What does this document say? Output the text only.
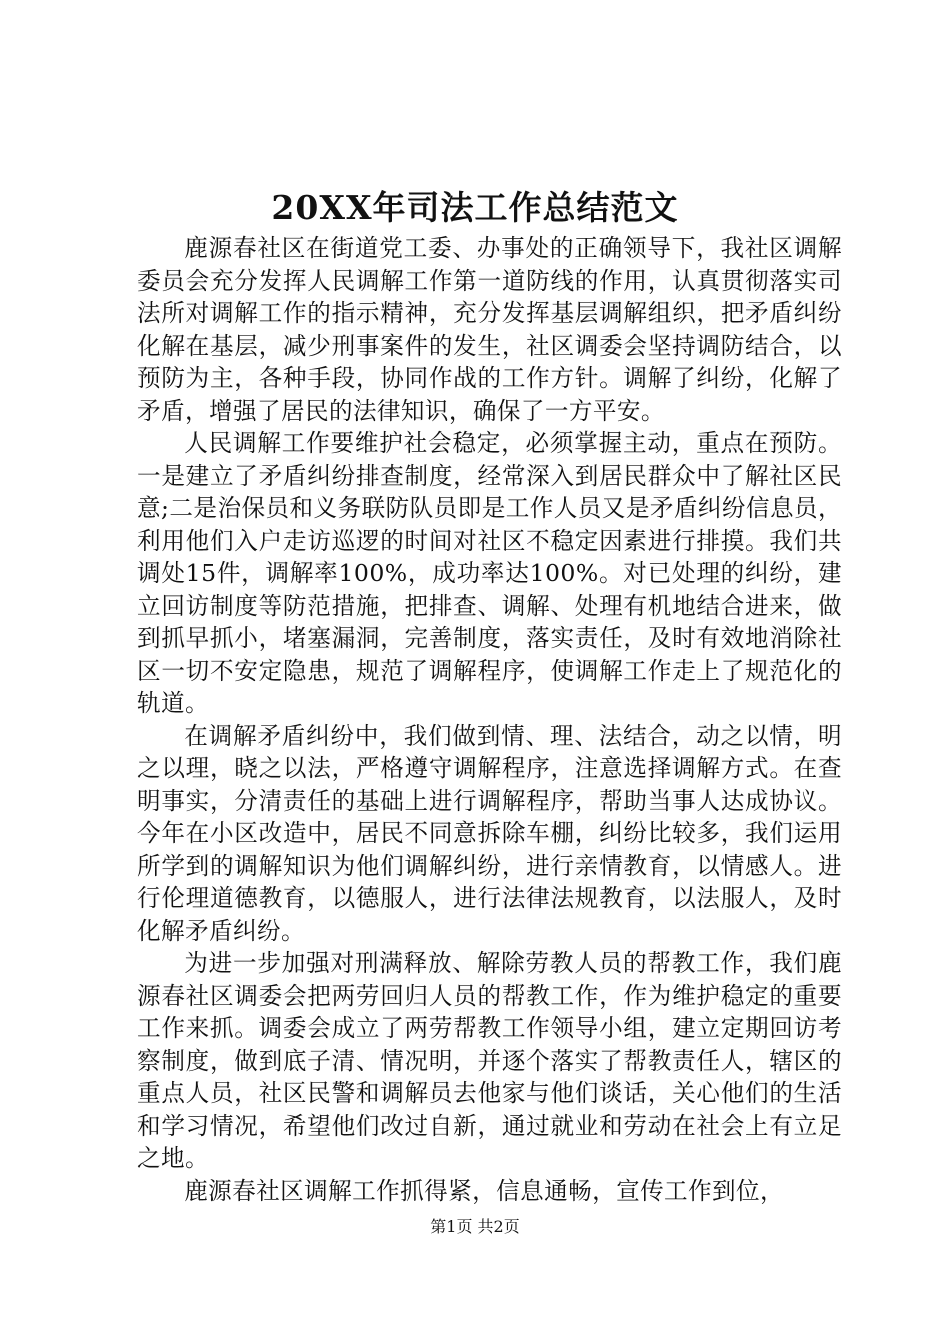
20XX年司法工作总结范文

鹿源春社区在街道党工委、办事处的正确领导下，我社区调解委员会充分发挥人民调解工作第一道防线的作用，认真贯彻落实司法所对调解工作的指示精神，充分发挥基层调解组织，把矛盾纠纷化解在基层，减少刑事案件的发生，社区调委会坚持调防结合，以预防为主，各种手段，协同作战的工作方针。调解了纠纷，化解了矛盾，增强了居民的法律知识，确保了一方平安。

人民调解工作要维护社会稳定，必须掌握主动，重点在预防。一是建立了矛盾纠纷排查制度，经常深入到居民群众中了解社区民意;二是治保员和义务联防队员即是工作人员又是矛盾纠纷信息员，利用他们入户走访巡逻的时间对社区不稳定因素进行排摸。我们共调处15件，调解率100%，成功率达100%。对已处理的纠纷，建立回访制度等防范措施，把排查、调解、处理有机地结合进来，做到抓早抓小，堵塞漏洞，完善制度，落实责任，及时有效地消除社区一切不安定隐患，规范了调解程序，使调解工作走上了规范化的轨道。

在调解矛盾纠纷中，我们做到情、理、法结合，动之以情，明之以理，晓之以法，严格遵守调解程序，注意选择调解方式。在查明事实，分清责任的基础上进行调解程序，帮助当事人达成协议。今年在小区改造中，居民不同意拆除车棚，纠纷比较多，我们运用所学到的调解知识为他们调解纠纷，进行亲情教育，以情感人。进行伦理道德教育，以德服人，进行法律法规教育，以法服人，及时化解矛盾纠纷。

为进一步加强对刑满释放、解除劳教人员的帮教工作，我们鹿源春社区调委会把两劳回归人员的帮教工作，作为维护稳定的重要工作来抓。调委会成立了两劳帮教工作领导小组，建立定期回访考察制度，做到底子清、情况明，并逐个落实了帮教责任人，辖区的重点人员，社区民警和调解员去他家与他们谈话，关心他们的生活和学习情况，希望他们改过自新，通过就业和劳动在社会上有立足之地。

鹿源春社区调解工作抓得紧，信息通畅，宣传工作到位，

第1页 共2页
